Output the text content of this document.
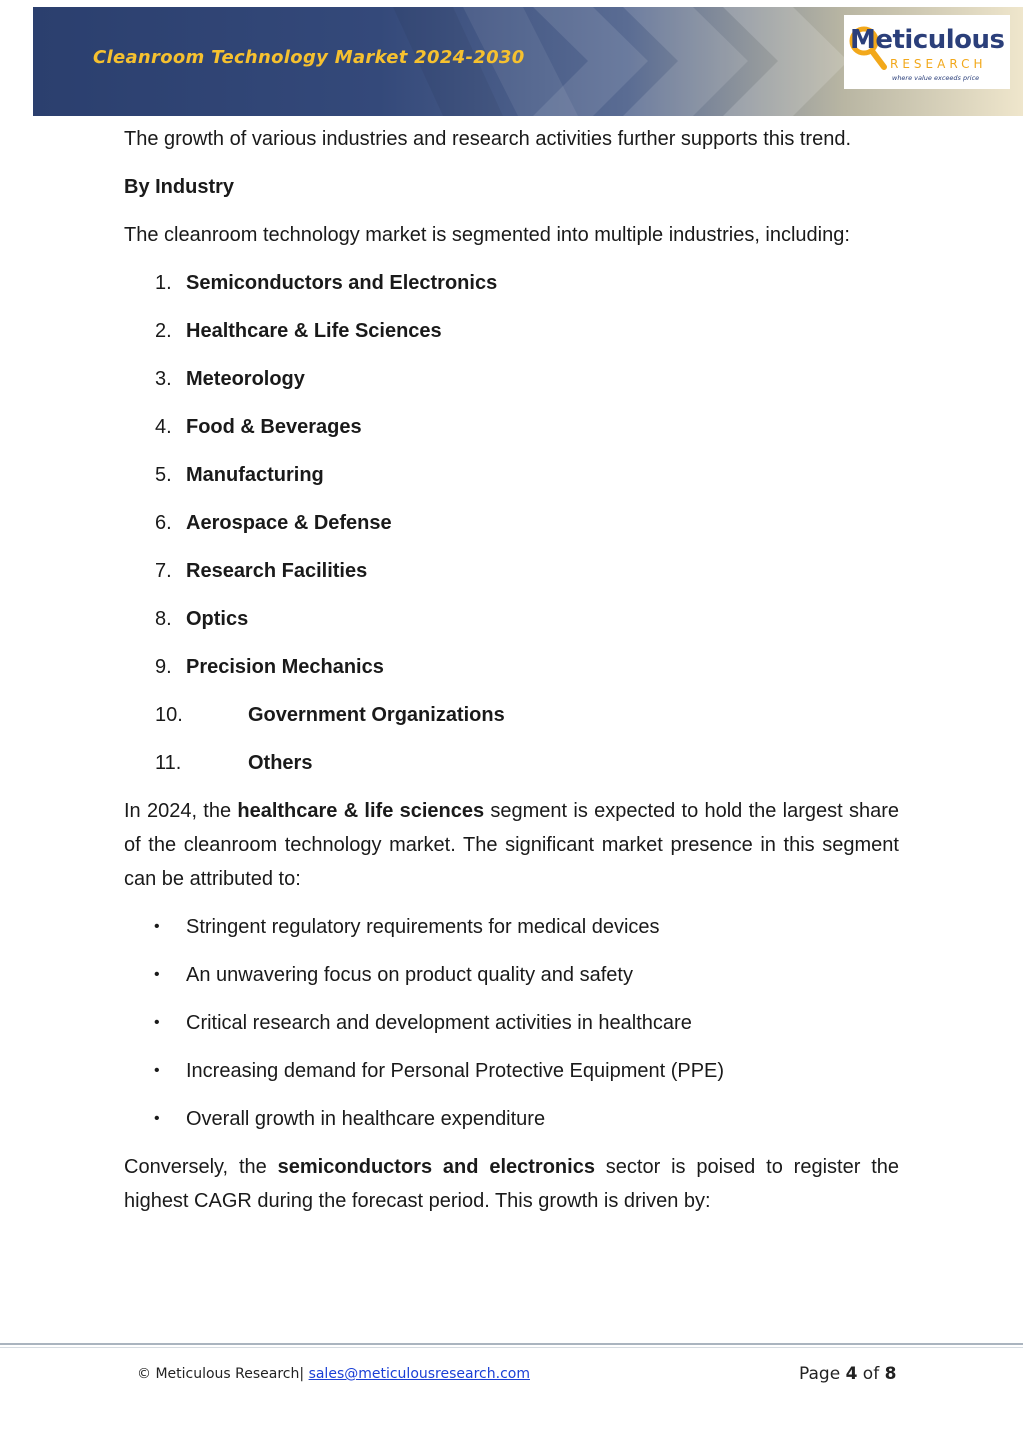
Cleanroom Technology Market 2024-2030
Meticulous
RESEARCH
where value exceeds price

The growth of various industries and research activities further supports this trend.

By Industry

The cleanroom technology market is segmented into multiple industries, including:

1. Semiconductors and Electronics
2. Healthcare & Life Sciences
3. Meteorology
4. Food & Beverages
5. Manufacturing
6. Aerospace & Defense
7. Research Facilities
8. Optics
9. Precision Mechanics
10.	Government Organizations
11.	Others

In 2024, the healthcare & life sciences segment is expected to hold the largest share of the cleanroom technology market. The significant market presence in this segment can be attributed to:

• Stringent regulatory requirements for medical devices
• An unwavering focus on product quality and safety
• Critical research and development activities in healthcare
• Increasing demand for Personal Protective Equipment (PPE)
• Overall growth in healthcare expenditure

Conversely, the semiconductors and electronics sector is poised to register the highest CAGR during the forecast period. This growth is driven by:

© Meticulous Research| sales@meticulousresearch.com	Page 4 of 8
